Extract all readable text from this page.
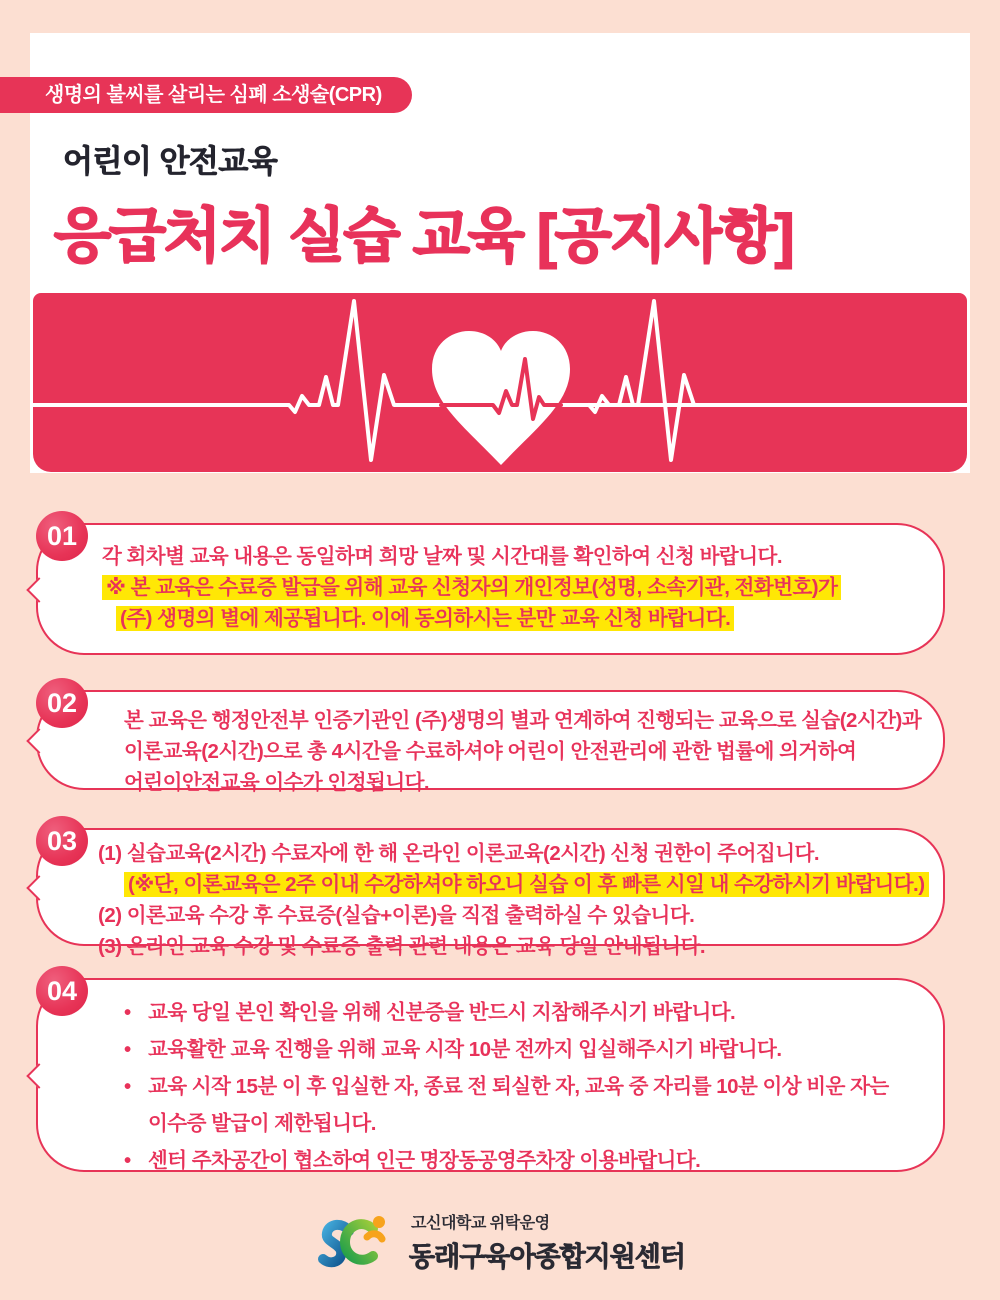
생명의 불씨를 살리는 심폐 소생술(CPR)
어린이 안전교육
응급처치 실습 교육 [공지사항]
01

각 회차별 교육 내용은 동일하며 희망 날짜 및 시간대를 확인하여 신청 바랍니다.

※ 본 교육은 수료증 발급을 위해 교육 신청자의 개인정보(성명, 소속기관, 전화번호)가

(주) 생명의 별에 제공됩니다. 이에 동의하시는 분만 교육 신청 바랍니다.

02

본 교육은 행정안전부 인증기관인 (주)생명의 별과 연계하여 진행되는 교육으로 실습(2시간)과

이론교육(2시간)으로 총 4시간을 수료하셔야 어린이 안전관리에 관한 법률에 의거하여

어린이안전교육 이수가 인정됩니다.

03	(1) 실습교육(2시간) 수료자에 한 해 온라인 이론교육(2시간) 신청 권한이 주어집니다.

(※단, 이론교육은 2주 이내 수강하셔야 하오니 실습 이 후 빠른 시일 내 수강하시기 바랍니다.)

(2) 이론교육 수강 후 수료증(실습+이론)을 직접 출력하실 수 있습니다.

(3) 온라인 교육 수강 및 수료증 출력 관련 내용은 교육 당일 안내됩니다.

04

• 교육 당일 본인 확인을 위해 신분증을 반드시 지참해주시기 바랍니다.

• 교육활한 교육 진행을 위해 교육 시작 10분 전까지 입실해주시기 바랍니다.

• 교육 시작 15분 이 후 입실한 자, 종료 전 퇴실한 자, 교육 중 자리를 10분 이상 비운 자는 이수증 발급이 제한됩니다.

• 센터 주차공간이 협소하여 인근 명장동공영주차장 이용바랍니다.

고신대학교 위탁운영

동래구육아종합지원센터
